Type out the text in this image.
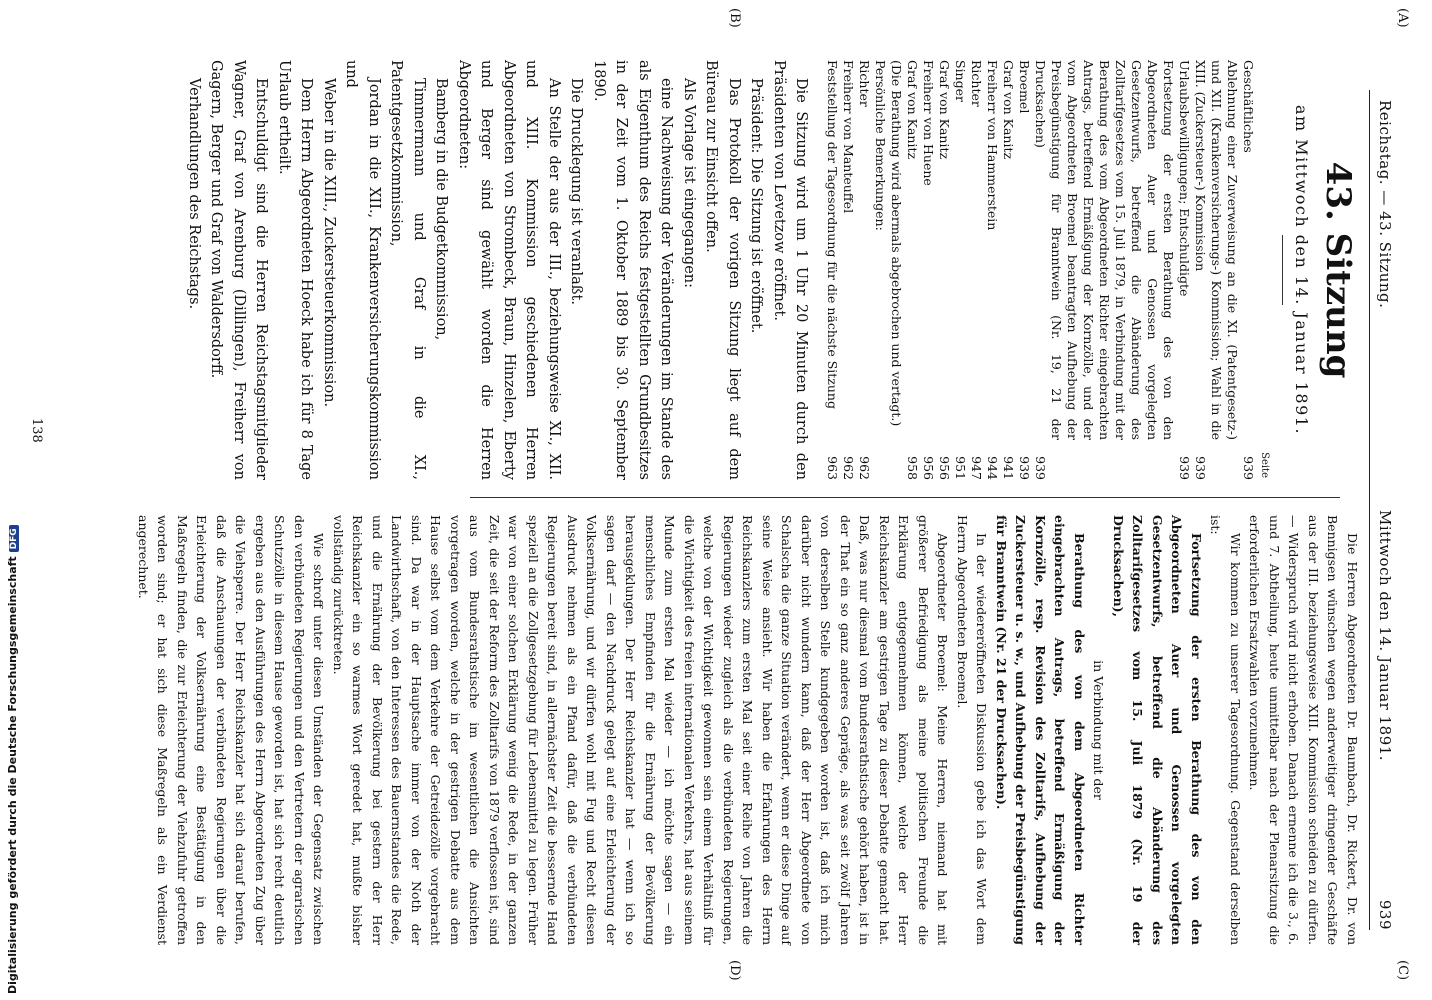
Reichstag. — 43. Sitzung.
Mittwoch den 14. Januar 1891.
939
(A)
(B)
(C)
(D)
43. Sitzung
am Mittwoch den 14. Januar 1891.
Seite
Geschäftliches
939
Ablehnung einer Zuverweisung an die XI. (Patentgesetz-) und XII. (Krankenversicherungs-) Kommission; Wahl in die XIII. (Zuckersteuer-) Kommission
939
Urlaubsbewilligungen; Entschuldigte
939
Fortsetzung der ersten Berathung des von den Abgeordneten Auer und Genossen vorgelegten Gesetzentwurfs, betreffend die Abänderung des Zolltarifgesetzes vom 15. Juli 1879, in Verbindung mit der Berathung des vom Abgeordneten Richter eingebrachten Antrags, betreffend Ermäßigung der Kornzölle, und der vom Abgeordneten Broemel beantragten Aufhebung der Preisbegünstigung für Branntwein (Nr. 19, 21 der Drucksachen)
939
Broemel
939
Graf von Kanitz
941
Freiherr von Hammerstein
944
Richter
947
Singer
951
Graf von Kanitz
956
Freiherr von Huene
956
Graf von Kanitz
958
(Die Berathung wird abermals abgebrochen und vertagt.)
Persönliche Bemerkungen:
Richter
962
Freiherr von Manteuffel
962
Feststellung der Tagesordnung für die nächste Sitzung
963

Die Sitzung wird um 1 Uhr 20 Minuten durch den Präsidenten von Levetzow eröffnet.

Präsident: Die Sitzung ist eröffnet.

Das Protokoll der vorigen Sitzung liegt auf dem Büreau zur Einsicht offen.

Als Vorlage ist eingegangen:

eine Nachweisung der Veränderungen im Stande des als Eigenthum des Reichs festgestellten Grundbesitzes in der Zeit vom 1. Oktober 1889 bis 30. September 1890.

Die Drucklegung ist veranlaßt.

An Stelle der aus der III., beziehungsweise XI., XII. und XIII. Kommission geschiedenen Herren Abgeordneten von Strombeck, Braun, Hinzelen, Eberty und Berger sind gewählt worden die Herren Abgeordneten:

Bamberg in die Budgetkommission,

Timmermann und Graf in die XI., Patentgesetzkommission,

Jordan in die XII., Krankenversicherungskommission und

Weber in die XIII., Zuckersteuerkommission.

Dem Herrn Abgeordneten Hoeck habe ich für 8 Tage Urlaub ertheilt.

Entschuldigt sind die Herren Reichstagsmitglieder Wagner, Graf von Arenburg (Dillingen), Freiherr von Gagern, Berger und Graf von Waldersdorff.

Verhandlungen des Reichstags.

Die Herren Abgeordneten Dr. Baumbach, Dr. Rickert, Dr. von Bennigsen wünschen wegen anderweitiger dringender Geschäfte aus der III. beziehungsweise XIII. Kommission scheiden zu dürfen. — Widerspruch wird nicht erhoben. Danach ernenne ich die 3., 6. und 7. Abtheilung, heute unmittelbar nach der Plenarsitzung die erforderlichen Ersatzwahlen vorzunehmen.

Wir kommen zu unserer Tagesordnung. Gegenstand derselben ist:

Fortsetzung der ersten Berathung des von den Abgeordneten Auer und Genossen vorgelegten Gesetzentwurfs, betreffend die Abänderung des Zolltarifgesetzes vom 15. Juli 1879 (Nr. 19 der Drucksachen),

in Verbindung mit der

Berathung des von dem Abgeordneten Richter eingebrachten Antrags, betreffend Ermäßigung der Kornzölle, resp. Revision des Zolltarifs, Aufhebung der Zuckersteuer u. s. w., und Aufhebung der Preisbegünstigung für Branntwein (Nr. 21 der Drucksachen).

In der wiedereröffneten Diskussion gebe ich das Wort dem Herrn Abgeordneten Broemel.

Abgeordneter Broemel: Meine Herren, niemand hat mit größerer Befriedigung als meine politischen Freunde die Erklärung entgegennehmen können, welche der Herr Reichskanzler am gestrigen Tage zu dieser Debatte gemacht hat. Daß, was nur diesmal vom Bundesrathstische gehört haben, ist in der That ein so ganz anderes Gepräge, als was seit zwölf Jahren von derselben Stelle kundgegeben worden ist, daß ich mich darüber nicht wundern kann, daß der Herr Abgeordnete von Schalscha die ganze Situation verändert, wenn er diese Dinge auf seine Weise ansieht. Wir haben die Erfahrungen des Herrn Reichskanzlers zum ersten Mal seit einer Reihe von Jahren die Regierungen wieder zugleich als die verbündeten Regierungen, welche von der Wichtigkeit gewonnen sein einem Verhältniß für die Wichtigkeit des freien internationalen Verkehrs, hat aus seinem Munde zum ersten Mal wieder — ich möchte sagen — ein menschliches Empfinden für die Ernährung der Bevölkerung herausgeklungen. Der Herr Reichskanzler hat — wenn ich so sagen darf — den Nachdruck gelegt auf eine Erleichterung der Volksernährung, und wir dürfen wohl mit Fug und Recht diesen Ausdruck nehmen als ein Pfand dafür, daß die verbündeten Regierungen bereit sind, in allernächster Zeit die bessernde Hand speziell an die Zollgesetzgebung für Lebensmittel zu legen. Früher war von einer solchen Erklärung wenig die Rede, in der ganzen Zeit, die seit der Reform des Zolltarifs von 1879 verflossen ist, sind aus vom Bundesrathstische im wesentlichen die Ansichten vorgetragen worden, welche in der gestrigen Debatte aus dem Hause selbst vom dem Verkehre der Getreidezölle vorgebracht sind. Da war in der Hauptsache immer von der Noth der Landwirthschaft, von den Interessen des Bauernstandes die Rede, und die Ernährung der Bevölkerung bei gestern der Herr Reichskanzler ein so warmes Wort geredet hat, mußte bisher vollständig zurücktreten.

Wie schroff unter diesen Umständen der Gegensatz zwischen den verbündeten Regierungen und den Vertretern der agrarischen Schutzzölle in diesem Hause geworden ist, hat sich recht deutlich ergeben aus den Ausführungen des Herrn Abgeordneten Zug über die Viehsperre. Der Herr Reichskanzler hat sich darauf berufen, daß die Anschauungen der verbündeten Regierungen über die Erleichterung der Volksernährung eine Bestätigung in den Maßregeln finden, die zur Erleichterung der Viehzufuhr getroffen worden sind; er hat sich diese Maßregeln als ein Verdienst angerechnet.

138
Digitalisierung gefördert durch die Deutsche ForschungsgemeinschaftDFG
